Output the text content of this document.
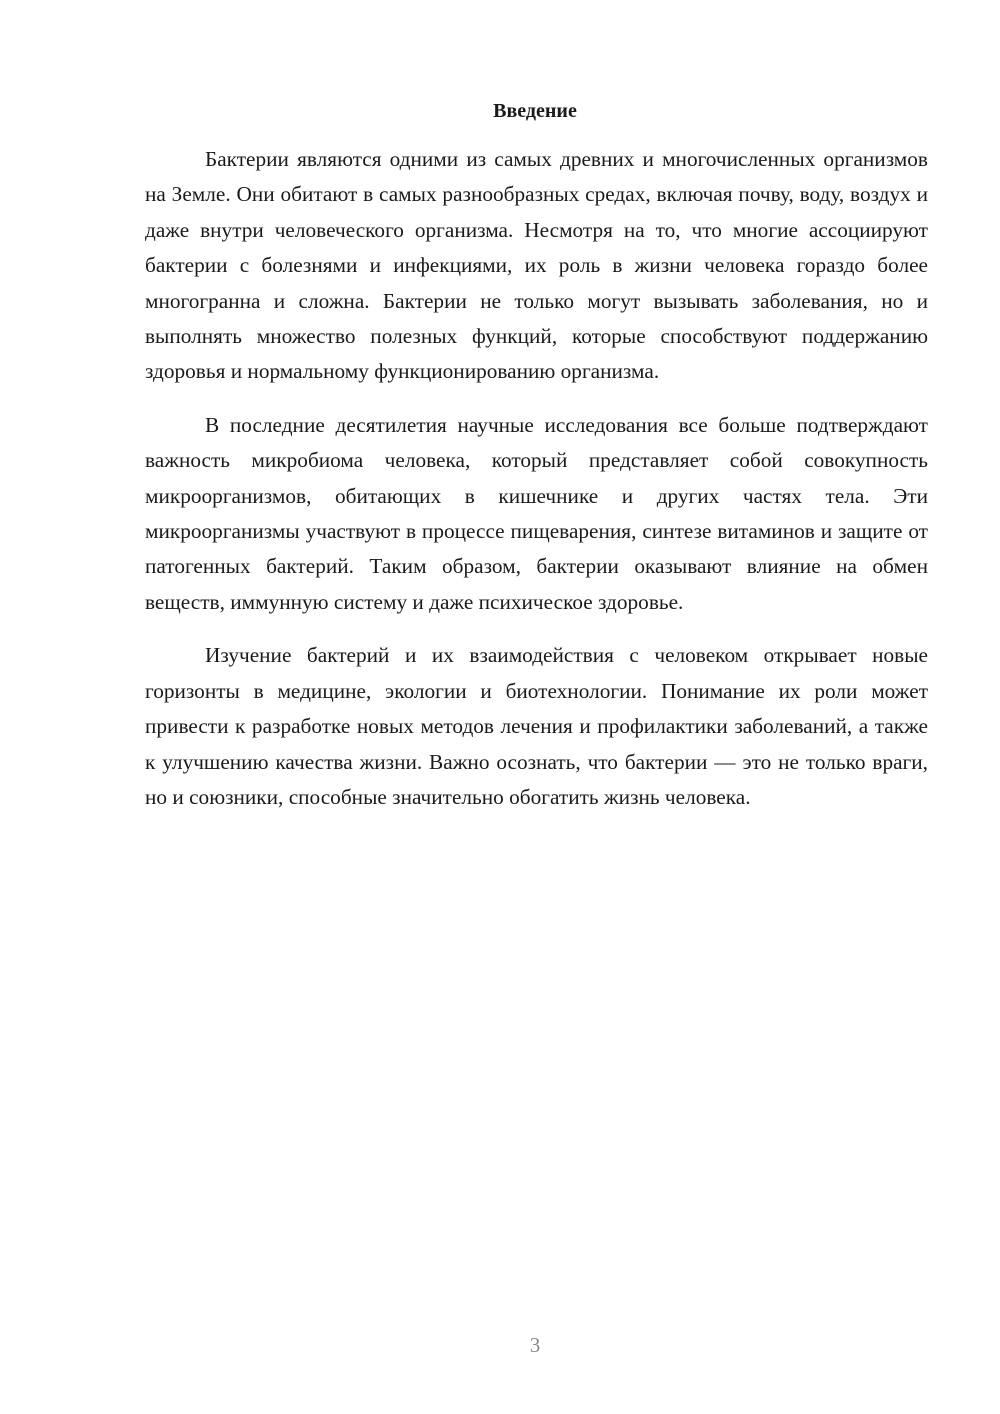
Введение

Бактерии являются одними из самых древних и многочисленных организмов на Земле. Они обитают в самых разнообразных средах, включая почву, воду, воздух и даже внутри человеческого организма. Несмотря на то, что многие ассоциируют бактерии с болезнями и инфекциями, их роль в жизни человека гораздо более многогранна и сложна. Бактерии не только могут вызывать заболевания, но и выполнять множество полезных функций, которые способствуют поддержанию здоровья и нормальному функционированию организма.

В последние десятилетия научные исследования все больше подтверждают важность микробиома человека, который представляет собой совокупность микроорганизмов, обитающих в кишечнике и других частях тела. Эти микроорганизмы участвуют в процессе пищеварения, синтезе витаминов и защите от патогенных бактерий. Таким образом, бактерии оказывают влияние на обмен веществ, иммунную систему и даже психическое здоровье.

Изучение бактерий и их взаимодействия с человеком открывает новые горизонты в медицине, экологии и биотехнологии. Понимание их роли может привести к разработке новых методов лечения и профилактики заболеваний, а также к улучшению качества жизни. Важно осознать, что бактерии — это не только враги, но и союзники, способные значительно обогатить жизнь человека.

3
